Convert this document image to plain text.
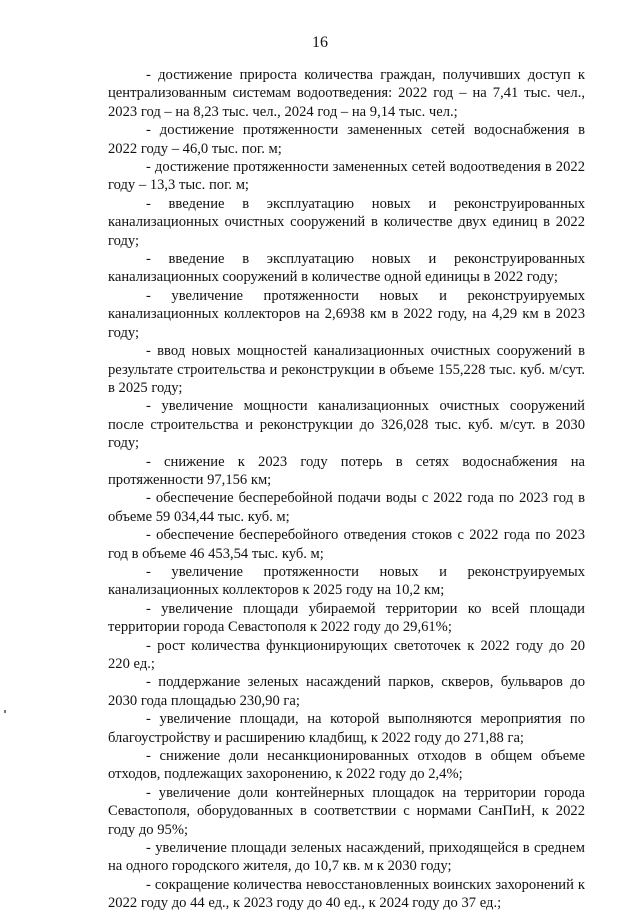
16

- достижение прироста количества граждан, получивших доступ к централизованным системам водоотведения: 2022 год – на 7,41 тыс. чел., 2023 год – на 8,23 тыс. чел., 2024 год – на 9,14 тыс. чел.;

- достижение протяженности замененных сетей водоснабжения в 2022 году – 46,0 тыс. пог. м;

- достижение протяженности замененных сетей водоотведения в 2022 году – 13,3 тыс. пог. м;

- введение в эксплуатацию новых и реконструированных канализационных очистных сооружений в количестве двух единиц в 2022 году;

- введение в эксплуатацию новых и реконструированных канализационных сооружений в количестве одной единицы в 2022 году;

- увеличение протяженности новых и реконструируемых канализационных коллекторов на 2,6938 км в 2022 году, на 4,29 км в 2023 году;

- ввод новых мощностей канализационных очистных сооружений в результате строительства и реконструкции в объеме 155,228 тыс. куб. м/сут. в 2025 году;

- увеличение мощности канализационных очистных сооружений после строительства и реконструкции до 326,028 тыс. куб. м/сут. в 2030 году;

- снижение к 2023 году потерь в сетях водоснабжения на протяженности 97,156 км;

- обеспечение бесперебойной подачи воды с 2022 года по 2023 год в объеме 59 034,44 тыс. куб. м;

- обеспечение бесперебойного отведения стоков с 2022 года по 2023 год в объеме 46 453,54 тыс. куб. м;

- увеличение протяженности новых и реконструируемых канализационных коллекторов к 2025 году на 10,2 км;

- увеличение площади убираемой территории ко всей площади территории города Севастополя к 2022 году до 29,61%;

- рост количества функционирующих светоточек к 2022 году до 20 220 ед.;

- поддержание зеленых насаждений парков, скверов, бульваров до 2030 года площадью 230,90 га;

- увеличение площади, на которой выполняются мероприятия по благоустройству и расширению кладбищ, к 2022 году до 271,88 га;

- снижение доли несанкционированных отходов в общем объеме отходов, подлежащих захоронению, к 2022 году до 2,4%;

- увеличение доли контейнерных площадок на территории города Севастополя, оборудованных в соответствии с нормами СанПиН, к 2022 году до 95%;

- увеличение площади зеленых насаждений, приходящейся в среднем на одного городского жителя, до 10,7 кв. м к 2030 году;

- сокращение количества невосстановленных воинских захоронений к 2022 году до 44 ед., к 2023 году до 40 ед., к 2024 году до 37 ед.;
